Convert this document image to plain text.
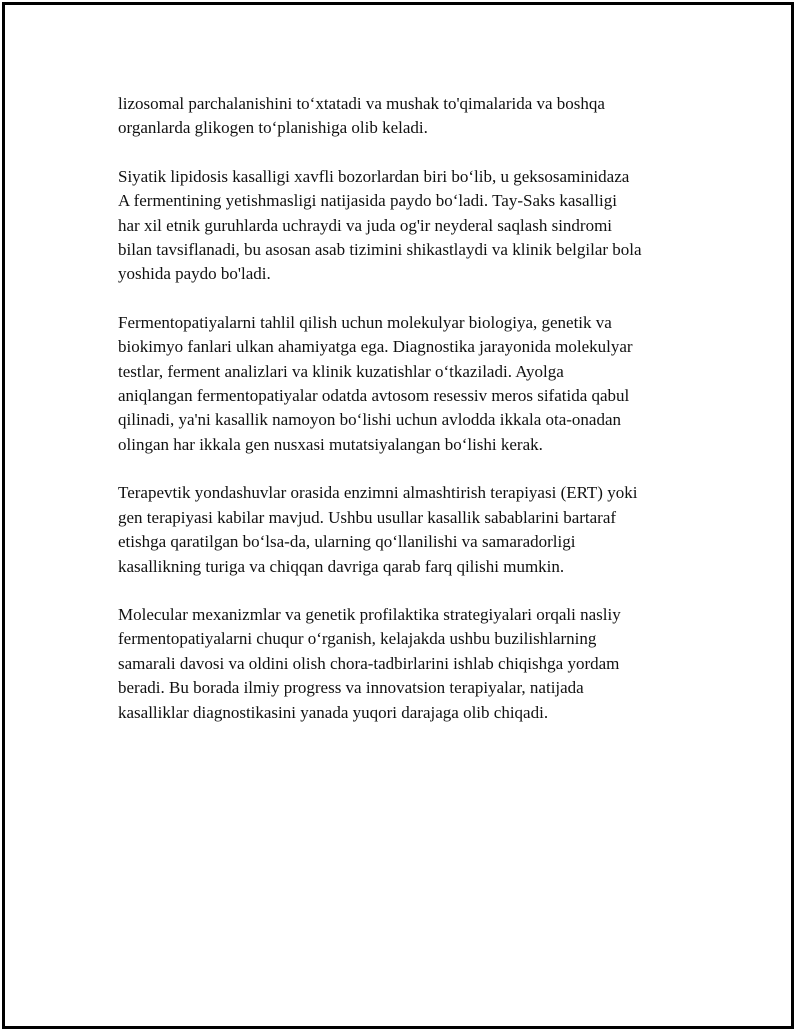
lizosomal parchalanishini to‘xtatadi va mushak to'qimalarida va boshqa
organlarda glikogen to‘planishiga olib keladi.

Siyatik lipidosis kasalligi xavfli bozorlardan biri bo‘lib, u geksosaminidaza
A fermentining yetishmasligi natijasida paydo bo‘ladi. Tay-Saks kasalligi
har xil etnik guruhlarda uchraydi va juda og'ir neyderal saqlash sindromi
bilan tavsiflanadi, bu asosan asab tizimini shikastlaydi va klinik belgilar bola
yoshida paydo bo'ladi.

Fermentopatiyalarni tahlil qilish uchun molekulyar biologiya, genetik va
biokimyo fanlari ulkan ahamiyatga ega. Diagnostika jarayonida molekulyar
testlar, ferment analizlari va klinik kuzatishlar o‘tkaziladi. Ayolga
aniqlangan fermentopatiyalar odatda avtosom resessiv meros sifatida qabul
qilinadi, ya'ni kasallik namoyon bo‘lishi uchun avlodda ikkala ota-onadan
olingan har ikkala gen nusxasi mutatsiyalangan bo‘lishi kerak.

Terapevtik yondashuvlar orasida enzimni almashtirish terapiyasi (ERT) yoki
gen terapiyasi kabilar mavjud. Ushbu usullar kasallik sabablarini bartaraf
etishga qaratilgan bo‘lsa-da, ularning qo‘llanilishi va samaradorligi
kasallikning turiga va chiqqan davriga qarab farq qilishi mumkin.

Molecular mexanizmlar va genetik profilaktika strategiyalari orqali nasliy
fermentopatiyalarni chuqur o‘rganish, kelajakda ushbu buzilishlarning
samarali davosi va oldini olish chora-tadbirlarini ishlab chiqishga yordam
beradi. Bu borada ilmiy progress va innovatsion terapiyalar, natijada
kasalliklar diagnostikasini yanada yuqori darajaga olib chiqadi.
